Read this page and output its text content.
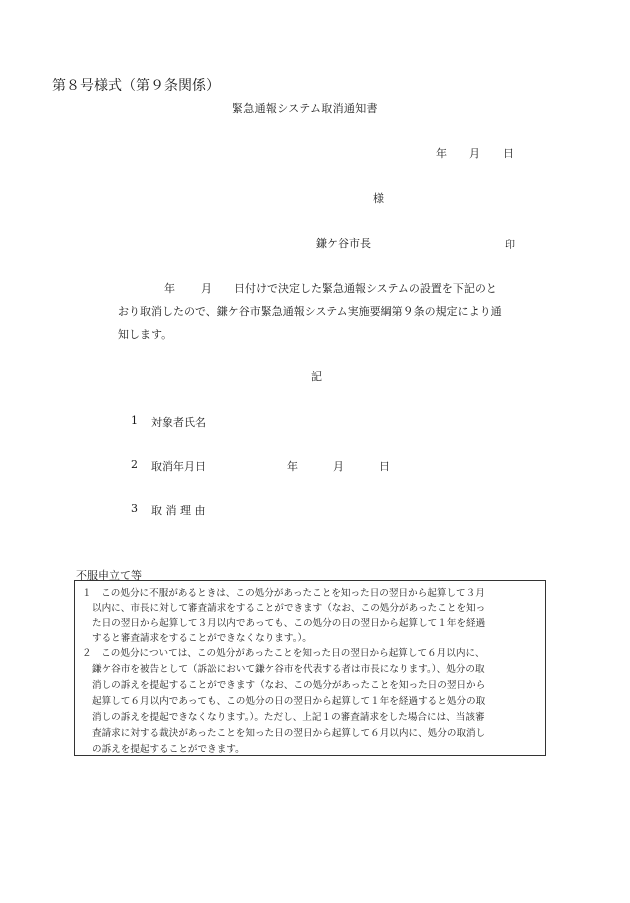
第８号様式（第９条関係）
緊急通報システム取消通知書
年 月 日
様
鎌ケ谷市長	印
年 月 日付けで決定した緊急通報システムの設置を下記のと
おり取消したので、鎌ケ谷市緊急通報システム実施要綱第９条の規定により通
知します。
記
1 対象者氏名
2 取消年月日	年	月	日
3 取 消 理 由
不服申立て等
１　この処分に不服があるときは、この処分があったことを知った日の翌日から起算して３月
以内に、市長に対して審査請求をすることができます（なお、この処分があったことを知っ
た日の翌日から起算して３月以内であっても、この処分の日の翌日から起算して１年を経過
すると審査請求をすることができなくなります。）。
２　この処分については、この処分があったことを知った日の翌日から起算して６月以内に、
鎌ケ谷市を被告として（訴訟において鎌ケ谷市を代表する者は市長になります。）、処分の取
消しの訴えを提起することができます（なお、この処分があったことを知った日の翌日から
起算して６月以内であっても、この処分の日の翌日から起算して１年を経過すると処分の取
消しの訴えを提起できなくなります。）。ただし、上記１の審査請求をした場合には、当該審
査請求に対する裁決があったことを知った日の翌日から起算して６月以内に、処分の取消し
の訴えを提起することができます。
